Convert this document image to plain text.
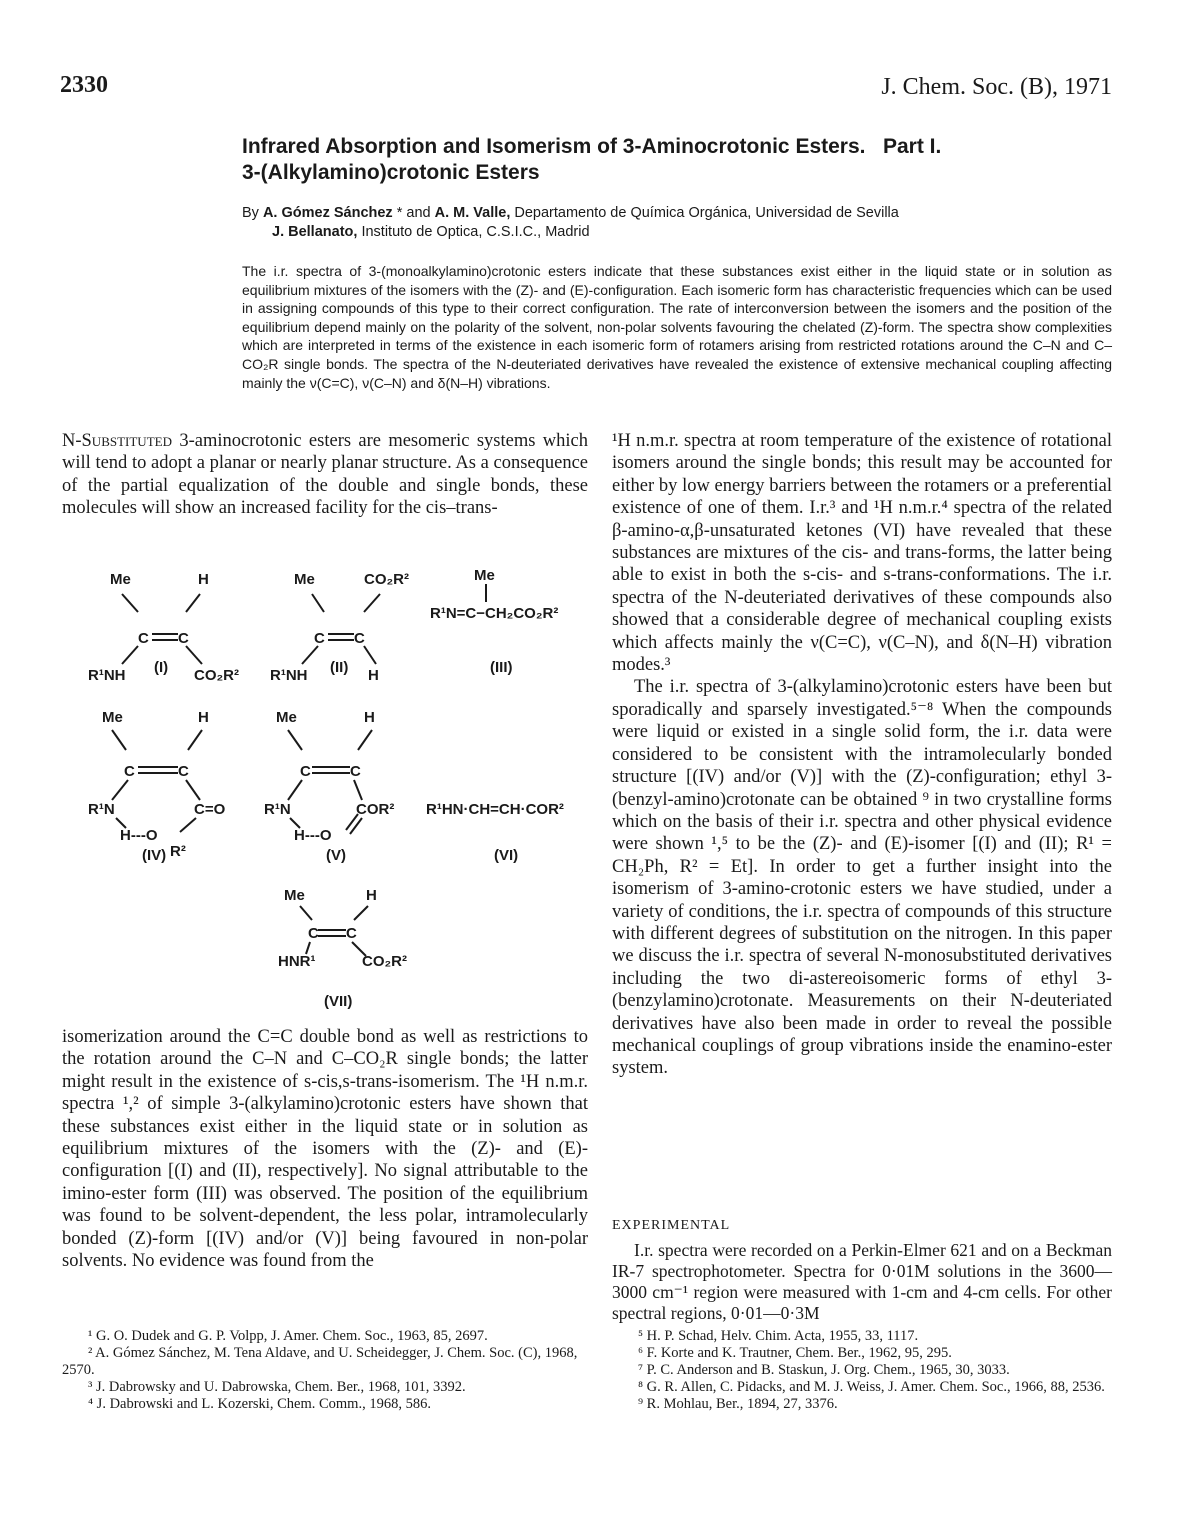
2330	J. Chem. Soc. (B), 1971
Infrared Absorption and Isomerism of 3-Aminocrotonic Esters.   Part I.
3-(Alkylamino)crotonic Esters
By A. Gómez Sánchez * and A. M. Valle, Departamento de Química Orgánica, Universidad de Sevilla
J. Bellanato, Instituto de Optica, C.S.I.C., Madrid
The i.r. spectra of 3-(monoalkylamino)crotonic esters indicate that these substances exist either in the liquid state or in solution as equilibrium mixtures of the isomers with the (Z)- and (E)-configuration. Each isomeric form has characteristic frequencies which can be used in assigning compounds of this type to their correct configuration. The rate of interconversion between the isomers and the position of the equilibrium depend mainly on the polarity of the solvent, non-polar solvents favouring the chelated (Z)-form. The spectra show complexities which are interpreted in terms of the existence in each isomeric form of rotamers arising from restricted rotations around the C–N and C–CO₂R single bonds. The spectra of the N-deuteriated derivatives have revealed the existence of extensive mechanical coupling affecting mainly the ν(C=C), ν(C–N) and δ(N–H) vibrations.
N-Substituted 3-aminocrotonic esters are mesomeric systems which will tend to adopt a planar or nearly planar structure. As a consequence of the partial equalization of the double and single bonds, these molecules will show an increased facility for the cis–trans-
Me	H
C C
R¹NH	CO₂R²
Me	CO₂R²
C C
R¹NH	H
Me
R¹N=C−CH₂CO₂R²
Me	H
C	C
R¹N	C=O
H---O
R²
Me	H
C	C
R¹N	COR²
H---O
R¹HN·CH=CH·COR²
Me	H
C C
HNR¹	CO₂R²
(I)	(II)	(III)
(IV)	(V)	(VI)
(VII)
isomerization around the C=C double bond as well as restrictions to the rotation around the C–N and C–CO₂R single bonds; the latter might result in the existence of s-cis,s-trans-isomerism. The ¹H n.m.r. spectra ¹,² of simple 3-(alkylamino)crotonic esters have shown that these substances exist either in the liquid state or in solution as equilibrium mixtures of the isomers with the (Z)- and (E)-configuration [(I) and (II), respectively]. No signal attributable to the imino-ester form (III) was observed. The position of the equilibrium was found to be solvent-dependent, the less polar, intramolecularly bonded (Z)-form [(IV) and/or (V)] being favoured in non-polar solvents. No evidence was found from the

¹ G. O. Dudek and G. P. Volpp, J. Amer. Chem. Soc., 1963, 85, 2697.

² A. Gómez Sánchez, M. Tena Aldave, and U. Scheidegger, J. Chem. Soc. (C), 1968, 2570.

³ J. Dabrowsky and U. Dabrowska, Chem. Ber., 1968, 101, 3392.

⁴ J. Dabrowski and L. Kozerski, Chem. Comm., 1968, 586.

¹H n.m.r. spectra at room temperature of the existence of rotational isomers around the single bonds; this result may be accounted for either by low energy barriers between the rotamers or a preferential existence of one of them. I.r.³ and ¹H n.m.r.⁴ spectra of the related β-amino-α,β-unsaturated ketones (VI) have revealed that these substances are mixtures of the cis- and trans-forms, the latter being able to exist in both the s-cis- and s-trans-conformations. The i.r. spectra of the N-deuteriated derivatives of these compounds also showed that a considerable degree of mechanical coupling exists which affects mainly the ν(C=C), ν(C–N), and δ(N–H) vibration modes.³

The i.r. spectra of 3-(alkylamino)crotonic esters have been but sporadically and sparsely investigated.⁵⁻⁸ When the compounds were liquid or existed in a single solid form, the i.r. data were considered to be consistent with the intramolecularly bonded structure [(IV) and/or (V)] with the (Z)-configuration; ethyl 3-(benzyl-amino)crotonate can be obtained ⁹ in two crystalline forms which on the basis of their i.r. spectra and other physical evidence were shown ¹,⁵ to be the (Z)- and (E)-isomer [(I) and (II); R¹ = CH₂Ph, R² = Et]. In order to get a further insight into the isomerism of 3-amino-crotonic esters we have studied, under a variety of conditions, the i.r. spectra of compounds of this structure with different degrees of substitution on the nitrogen. In this paper we discuss the i.r. spectra of several N-monosubstituted derivatives including the two di-astereoisomeric forms of ethyl 3-(benzylamino)crotonate. Measurements on their N-deuteriated derivatives have also been made in order to reveal the possible mechanical couplings of group vibrations inside the enamino-ester system.

EXPERIMENTAL

I.r. spectra were recorded on a Perkin-Elmer 621 and on a Beckman IR-7 spectrophotometer. Spectra for 0·01M solutions in the 3600—3000 cm⁻¹ region were measured with 1-cm and 4-cm cells. For other spectral regions, 0·01—0·3M

⁵ H. P. Schad, Helv. Chim. Acta, 1955, 33, 1117.

⁶ F. Korte and K. Trautner, Chem. Ber., 1962, 95, 295.

⁷ P. C. Anderson and B. Staskun, J. Org. Chem., 1965, 30, 3033.

⁸ G. R. Allen, C. Pidacks, and M. J. Weiss, J. Amer. Chem. Soc., 1966, 88, 2536.

⁹ R. Mohlau, Ber., 1894, 27, 3376.
